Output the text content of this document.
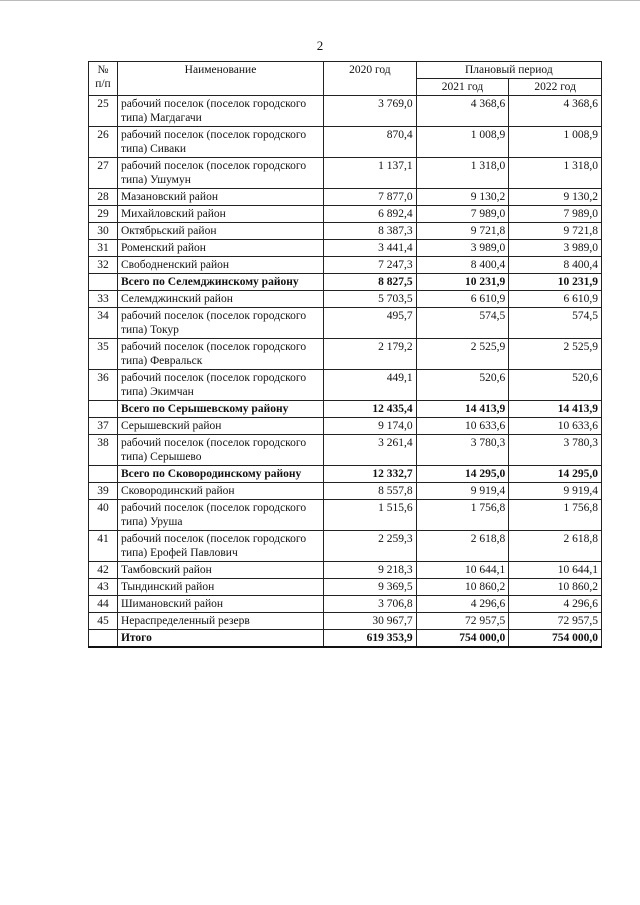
2
№ п/п	Наименование	2020 год	Плановый период	
			2021 год	2022 год
25	рабочий поселок (поселок городского типа) Магдагачи	3 769,0	4 368,6	4 368,6
26	рабочий поселок (поселок городского типа) Сиваки	870,4	1 008,9	1 008,9
27	рабочий поселок (поселок городского типа) Ушумун	1 137,1	1 318,0	1 318,0
28	Мазановский район	7 877,0	9 130,2	9 130,2
29	Михайловский район	6 892,4	7 989,0	7 989,0
30	Октябрьский район	8 387,3	9 721,8	9 721,8
31	Роменский район	3 441,4	3 989,0	3 989,0
32	Свободненский район	7 247,3	8 400,4	8 400,4
	Всего по Селемджинскому району	8 827,5	10 231,9	10 231,9
33	Селемджинский район	5 703,5	6 610,9	6 610,9
34	рабочий поселок (поселок городского типа) Токур	495,7	574,5	574,5
35	рабочий поселок (поселок городского типа) Февральск	2 179,2	2 525,9	2 525,9
36	рабочий поселок (поселок городского типа) Экимчан	449,1	520,6	520,6
	Всего по Серышевскому району	12 435,4	14 413,9	14 413,9
37	Серышевский район	9 174,0	10 633,6	10 633,6
38	рабочий поселок (поселок городского типа) Серышево	3 261,4	3 780,3	3 780,3
	Всего по Сковородинскому району	12 332,7	14 295,0	14 295,0
39	Сковородинский район	8 557,8	9 919,4	9 919,4
40	рабочий поселок (поселок городского типа) Уруша	1 515,6	1 756,8	1 756,8
41	рабочий поселок (поселок городского типа) Ерофей Павлович	2 259,3	2 618,8	2 618,8
42	Тамбовский район	9 218,3	10 644,1	10 644,1
43	Тындинский район	9 369,5	10 860,2	10 860,2
44	Шимановский район	3 706,8	4 296,6	4 296,6
45	Нераспределенный резерв	30 967,7	72 957,5	72 957,5
	Итого	619 353,9	754 000,0	754 000,0
